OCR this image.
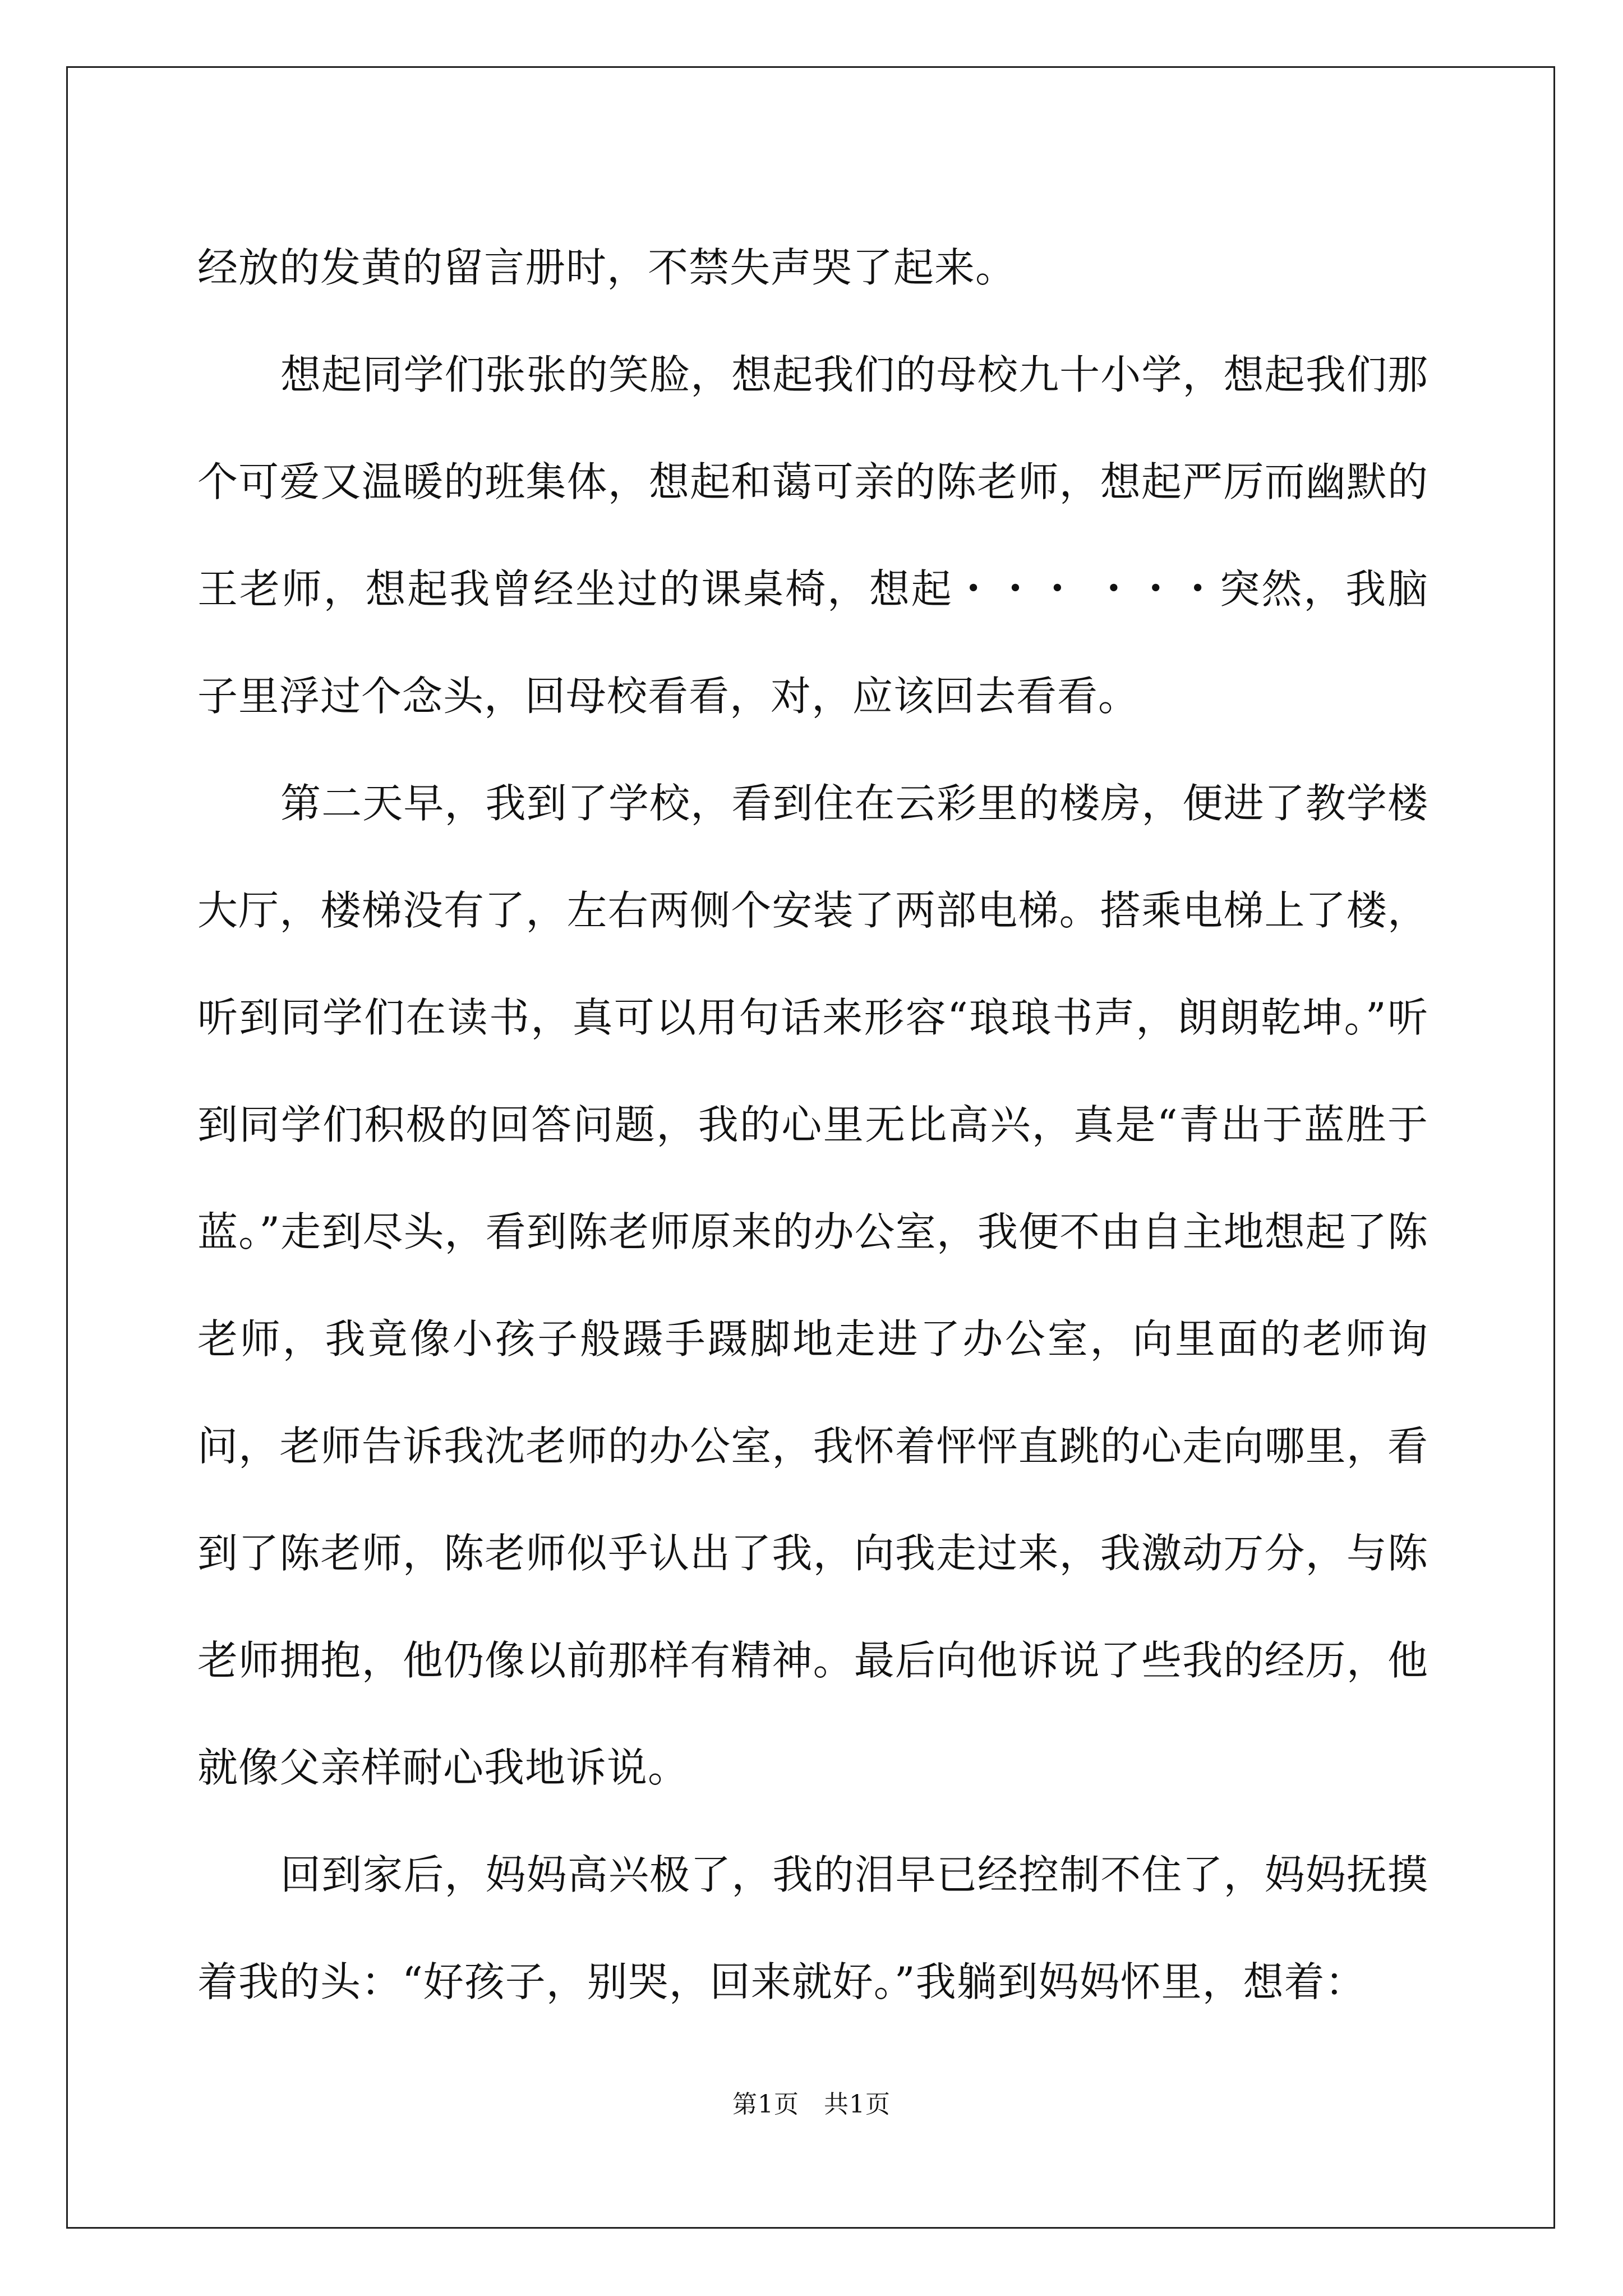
经放的发黄的留言册时，不禁失声哭了起来。

想起同学们张张的笑脸，想起我们的母校九十小学，想起我们那个可爱又温暖的班集体，想起和蔼可亲的陈老师，想起严厉而幽默的王老师，想起我曾经坐过的课桌椅，想起・・・ ・・・突然，我脑子里浮过个念头，回母校看看，对，应该回去看看。

第二天早，我到了学校，看到住在云彩里的楼房，便进了教学楼大厅，楼梯没有了，左右两侧个安装了两部电梯。搭乘电梯上了楼，听到同学们在读书，真可以用句话来形容“琅琅书声，朗朗乾坤。”听到同学们积极的回答问题，我的心里无比高兴，真是“青出于蓝胜于蓝。”走到尽头，看到陈老师原来的办公室，我便不由自主地想起了陈老师，我竟像小孩子般蹑手蹑脚地走进了办公室，向里面的老师询问，老师告诉我沈老师的办公室，我怀着怦怦直跳的心走向哪里，看到了陈老师，陈老师似乎认出了我，向我走过来，我激动万分，与陈老师拥抱，他仍像以前那样有精神。最后向他诉说了些我的经历，他就像父亲样耐心我地诉说。

回到家后，妈妈高兴极了，我的泪早已经控制不住了，妈妈抚摸着我的头：“好孩子，别哭，回来就好。”我躺到妈妈怀里，想着：

第1页 共1页
